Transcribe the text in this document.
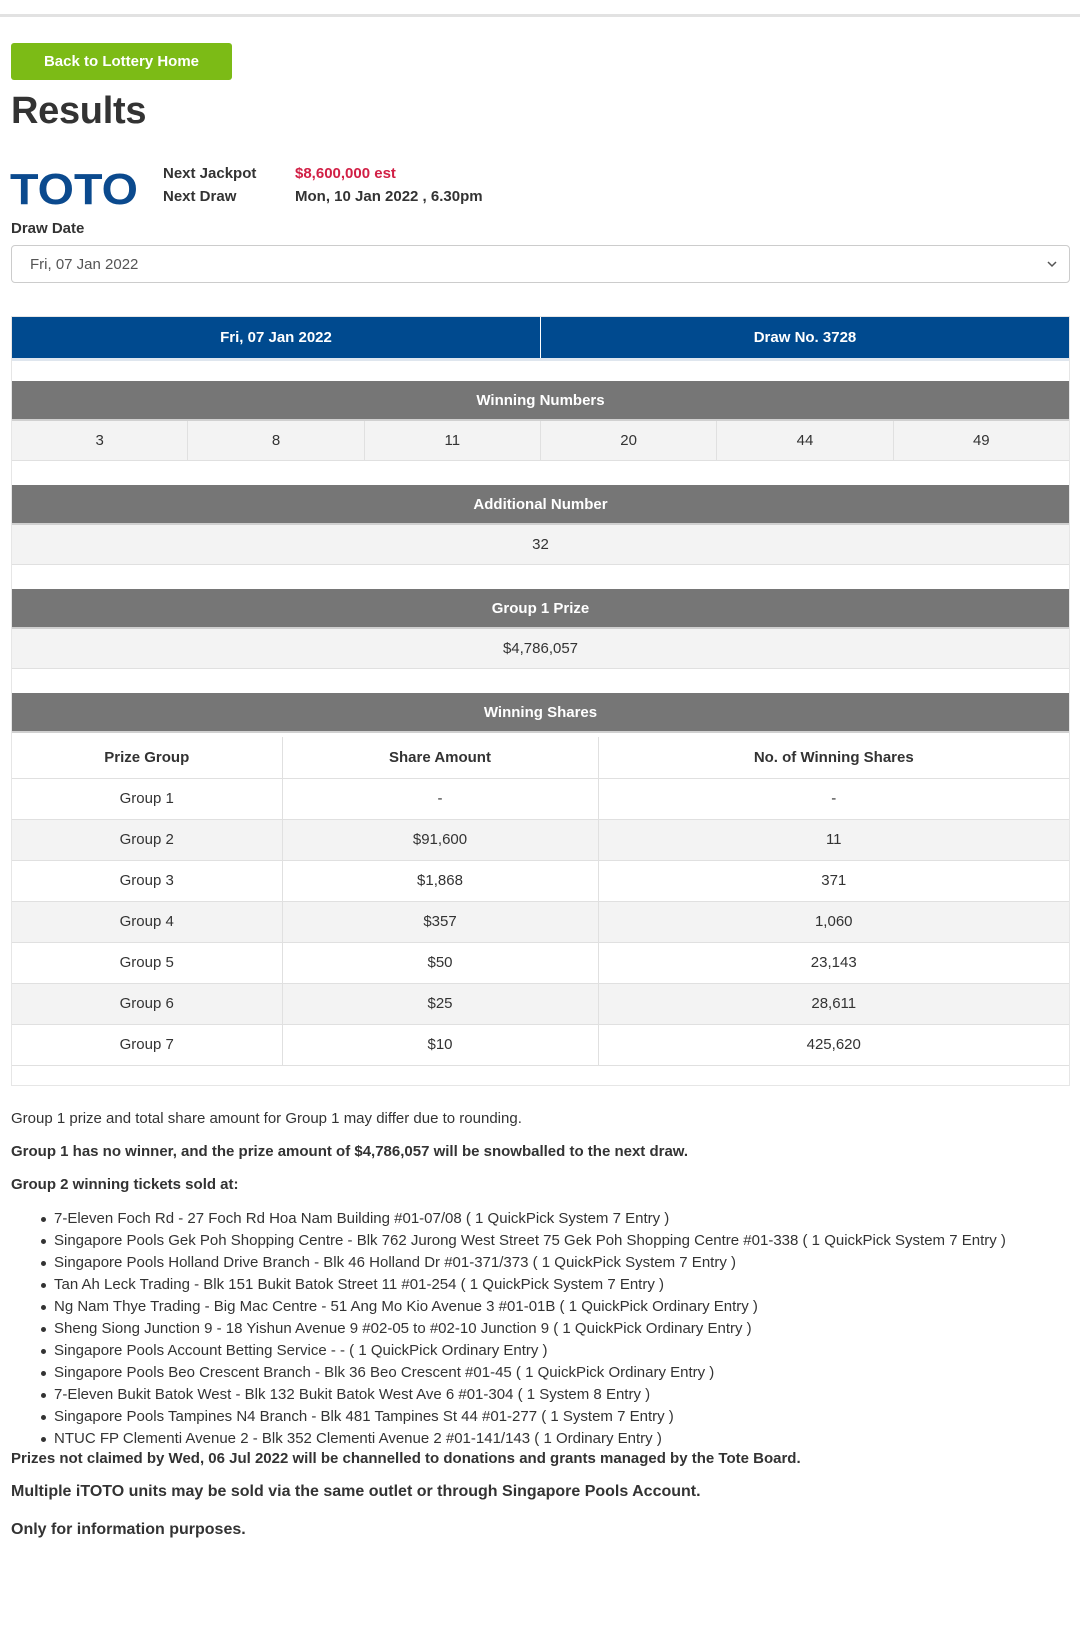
Back to Lottery Home
Results
TOTO Next Jackpot	$8,600,000 est
Next Draw	Mon, 10 Jan 2022 , 6.30pm
Draw Date
Fri, 07 Jan 2022
Fri, 07 Jan 2022	Draw No. 3728
Winning Numbers
3	8	11	20	44	49
Additional Number
32
Group 1 Prize
$4,786,057
Winning Shares
Prize Group	Share Amount	No. of Winning Shares
Group 1	-	-
Group 2	$91,600	11
Group 3	$1,868	371
Group 4	$357	1,060
Group 5	$50	23,143
Group 6	$25	28,611
Group 7	$10	425,620

Group 1 prize and total share amount for Group 1 may differ due to rounding.

Group 1 has no winner, and the prize amount of $4,786,057 will be snowballed to the next draw.

Group 2 winning tickets sold at:

7-Eleven Foch Rd - 27 Foch Rd Hoa Nam Building #01-07/08 ( 1 QuickPick System 7 Entry )
Singapore Pools Gek Poh Shopping Centre - Blk 762 Jurong West Street 75 Gek Poh Shopping Centre #01-338 ( 1 QuickPick System 7 Entry )
Singapore Pools Holland Drive Branch - Blk 46 Holland Dr #01-371/373 ( 1 QuickPick System 7 Entry )
Tan Ah Leck Trading - Blk 151 Bukit Batok Street 11 #01-254 ( 1 QuickPick System 7 Entry )
Ng Nam Thye Trading - Big Mac Centre - 51 Ang Mo Kio Avenue 3 #01-01B ( 1 QuickPick Ordinary Entry )
Sheng Siong Junction 9 - 18 Yishun Avenue 9 #02-05 to #02-10 Junction 9 ( 1 QuickPick Ordinary Entry )
Singapore Pools Account Betting Service - - ( 1 QuickPick Ordinary Entry )
Singapore Pools Beo Crescent Branch - Blk 36 Beo Crescent #01-45 ( 1 QuickPick Ordinary Entry )
7-Eleven Bukit Batok West - Blk 132 Bukit Batok West Ave 6 #01-304 ( 1 System 8 Entry )
Singapore Pools Tampines N4 Branch - Blk 481 Tampines St 44 #01-277 ( 1 System 7 Entry )
NTUC FP Clementi Avenue 2 - Blk 352 Clementi Avenue 2 #01-141/143 ( 1 Ordinary Entry )

Prizes not claimed by Wed, 06 Jul 2022 will be channelled to donations and grants managed by the Tote Board.

Multiple iTOTO units may be sold via the same outlet or through Singapore Pools Account.

Only for information purposes.
